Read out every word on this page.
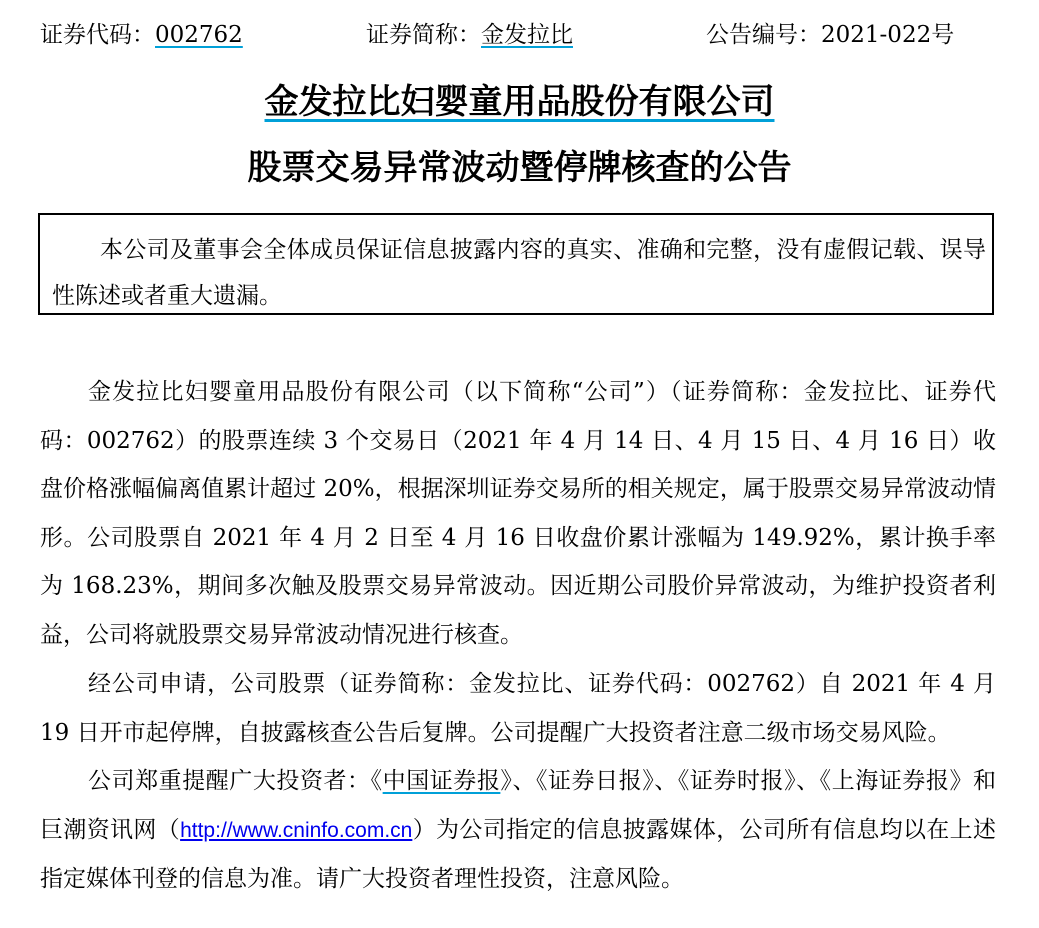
证券代码：002762	证券简称：金发拉比	公告编号：2021-022号
金发拉比妇婴童用品股份有限公司
股票交易异常波动暨停牌核查的公告
本公司及董事会全体成员保证信息披露内容的真实、准确和完整，没有虚假记载、误导性陈述或者重大遗漏。

金发拉比妇婴童用品股份有限公司（以下简称“公司”）（证券简称：金发拉比、证券代码：002762）的股票连续 3 个交易日（2021 年 4 月 14 日、4 月 15 日、4 月 16 日）收盘价格涨幅偏离值累计超过 20%，根据深圳证券交易所的相关规定，属于股票交易异常波动情形。公司股票自 2021 年 4 月 2 日至 4 月 16 日收盘价累计涨幅为 149.92%，累计换手率为 168.23%，期间多次触及股票交易异常波动。因近期公司股价异常波动，为维护投资者利益，公司将就股票交易异常波动情况进行核查。

经公司申请，公司股票（证券简称：金发拉比、证券代码：002762）自 2021 年 4 月 19 日开市起停牌，自披露核查公告后复牌。公司提醒广大投资者注意二级市场交易风险。

公司郑重提醒广大投资者：《中国证券报》、《证券日报》、《证券时报》、《上海证券报》和巨潮资讯网（http://www.cninfo.com.cn）为公司指定的信息披露媒体，公司所有信息均以在上述指定媒体刊登的信息为准。请广大投资者理性投资，注意风险。
